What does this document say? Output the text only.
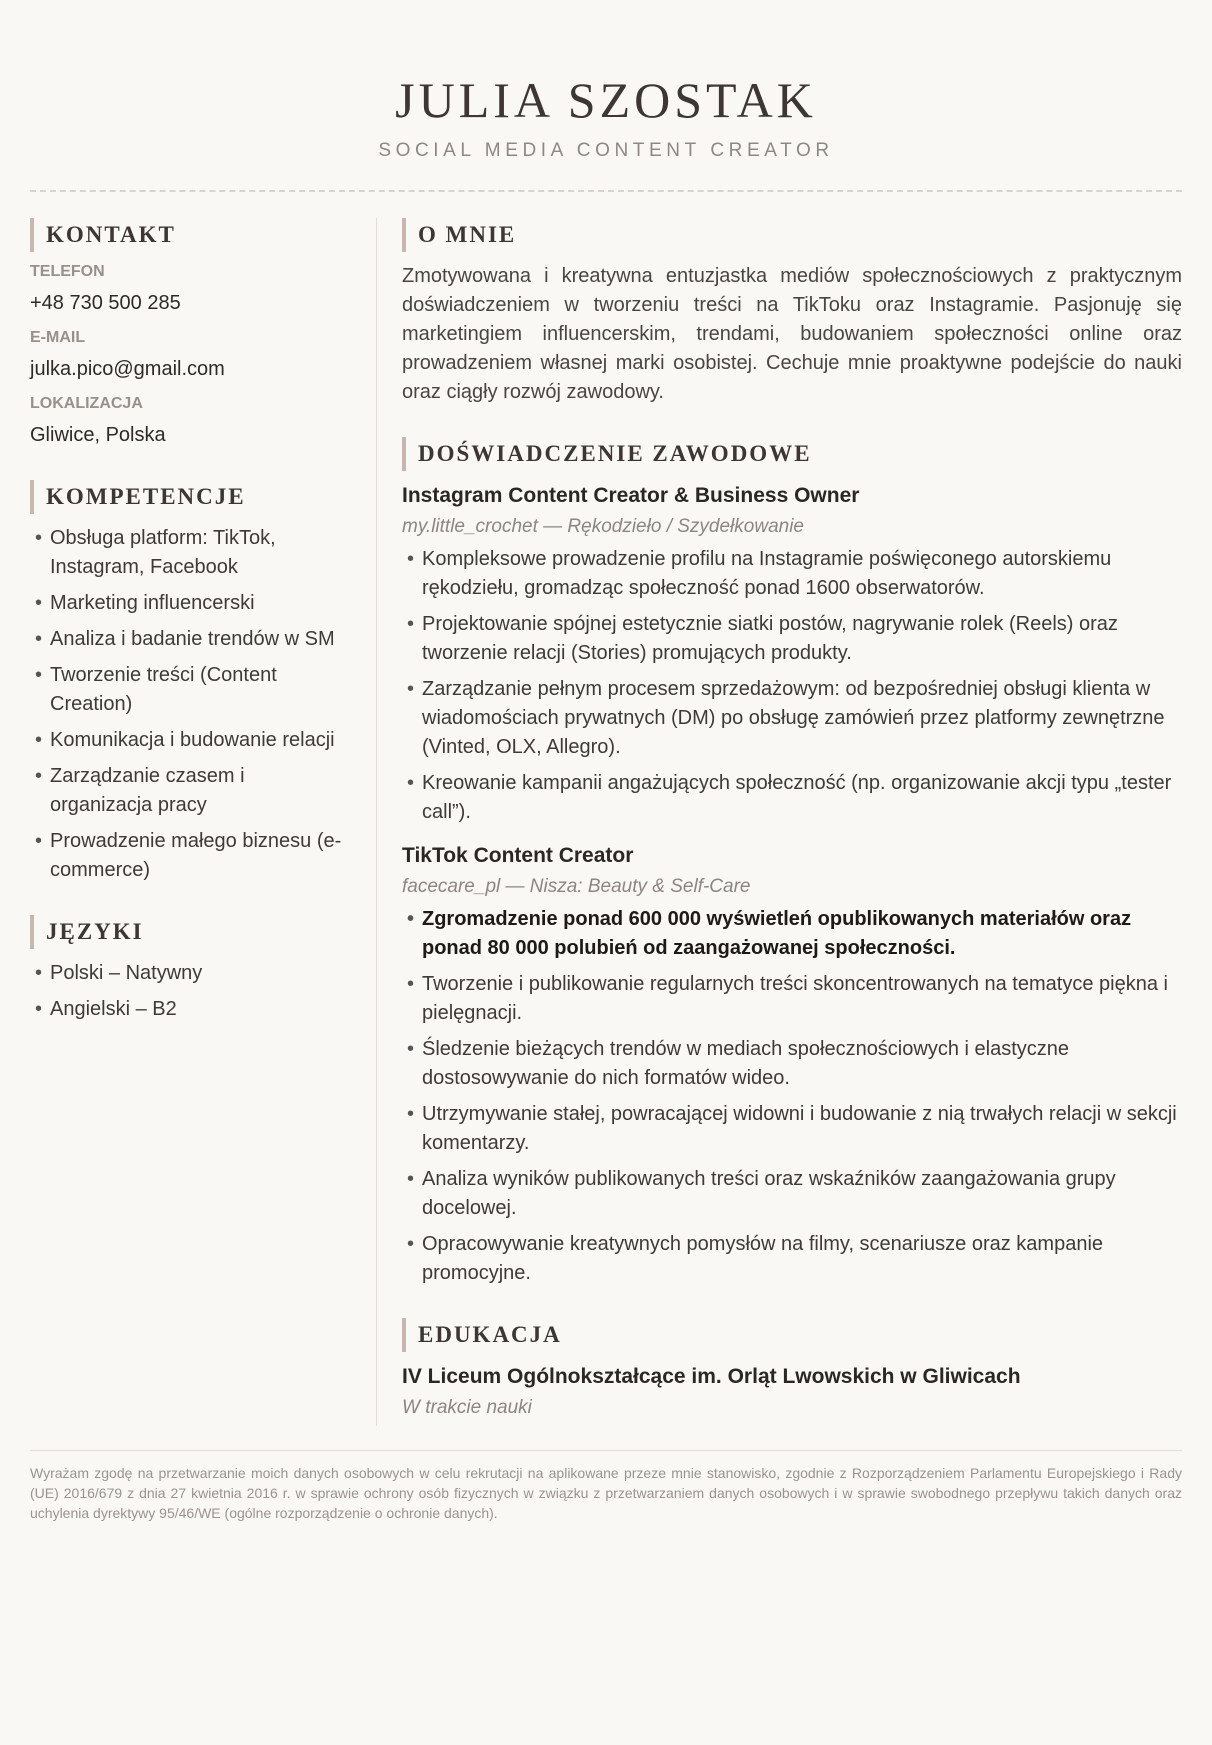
JULIA SZOSTAK
SOCIAL MEDIA CONTENT CREATOR
KONTAKT
TELEFON
+48 730 500 285
E-MAIL
julka.pico@gmail.com
LOKALIZACJA
Gliwice, Polska
KOMPETENCJE
• Obsługa platform: TikTok, Instagram, Facebook
• Marketing influencerski
• Analiza i badanie trendów w SM
• Tworzenie treści (Content Creation)
• Komunikacja i budowanie relacji
• Zarządzanie czasem i organizacja pracy
• Prowadzenie małego biznesu (e-commerce)
JĘZYKI
• Polski – Natywny
• Angielski – B2
O MNIE

Zmotywowana i kreatywna entuzjastka mediów społecznościowych z praktycznym doświadczeniem w tworzeniu treści na TikToku oraz Instagramie. Pasjonuję się marketingiem influencerskim, trendami, budowaniem społeczności online oraz prowadzeniem własnej marki osobistej. Cechuje mnie proaktywne podejście do nauki oraz ciągły rozwój zawodowy.

DOŚWIADCZENIE ZAWODOWE
Instagram Content Creator & Business Owner
my.little_crochet — Rękodzieło / Szydełkowanie
• Kompleksowe prowadzenie profilu na Instagramie poświęconego autorskiemu rękodziełu, gromadząc społeczność ponad 1600 obserwatorów.
• Projektowanie spójnej estetycznie siatki postów, nagrywanie rolek (Reels) oraz tworzenie relacji (Stories) promujących produkty.
• Zarządzanie pełnym procesem sprzedażowym: od bezpośredniej obsługi klienta w wiadomościach prywatnych (DM) po obsługę zamówień przez platformy zewnętrzne (Vinted, OLX, Allegro).
• Kreowanie kampanii angażujących społeczność (np. organizowanie akcji typu „tester call”).
TikTok Content Creator
facecare_pl — Nisza: Beauty & Self-Care
• Zgromadzenie ponad 600 000 wyświetleń opublikowanych materiałów oraz ponad 80 000 polubień od zaangażowanej społeczności.
• Tworzenie i publikowanie regularnych treści skoncentrowanych na tematyce piękna i pielęgnacji.
• Śledzenie bieżących trendów w mediach społecznościowych i elastyczne dostosowywanie do nich formatów wideo.
• Utrzymywanie stałej, powracającej widowni i budowanie z nią trwałych relacji w sekcji komentarzy.
• Analiza wyników publikowanych treści oraz wskaźników zaangażowania grupy docelowej.
• Opracowywanie kreatywnych pomysłów na filmy, scenariusze oraz kampanie promocyjne.
EDUKACJA
IV Liceum Ogólnokształcące im. Orląt Lwowskich w Gliwicach
W trakcie nauki
Wyrażam zgodę na przetwarzanie moich danych osobowych w celu rekrutacji na aplikowane przeze mnie stanowisko, zgodnie z Rozporządzeniem Parlamentu Europejskiego i Rady (UE) 2016/679 z dnia 27 kwietnia 2016 r. w sprawie ochrony osób fizycznych w związku z przetwarzaniem danych osobowych i w sprawie swobodnego przepływu takich danych oraz uchylenia dyrektywy 95/46/WE (ogólne rozporządzenie o ochronie danych).
